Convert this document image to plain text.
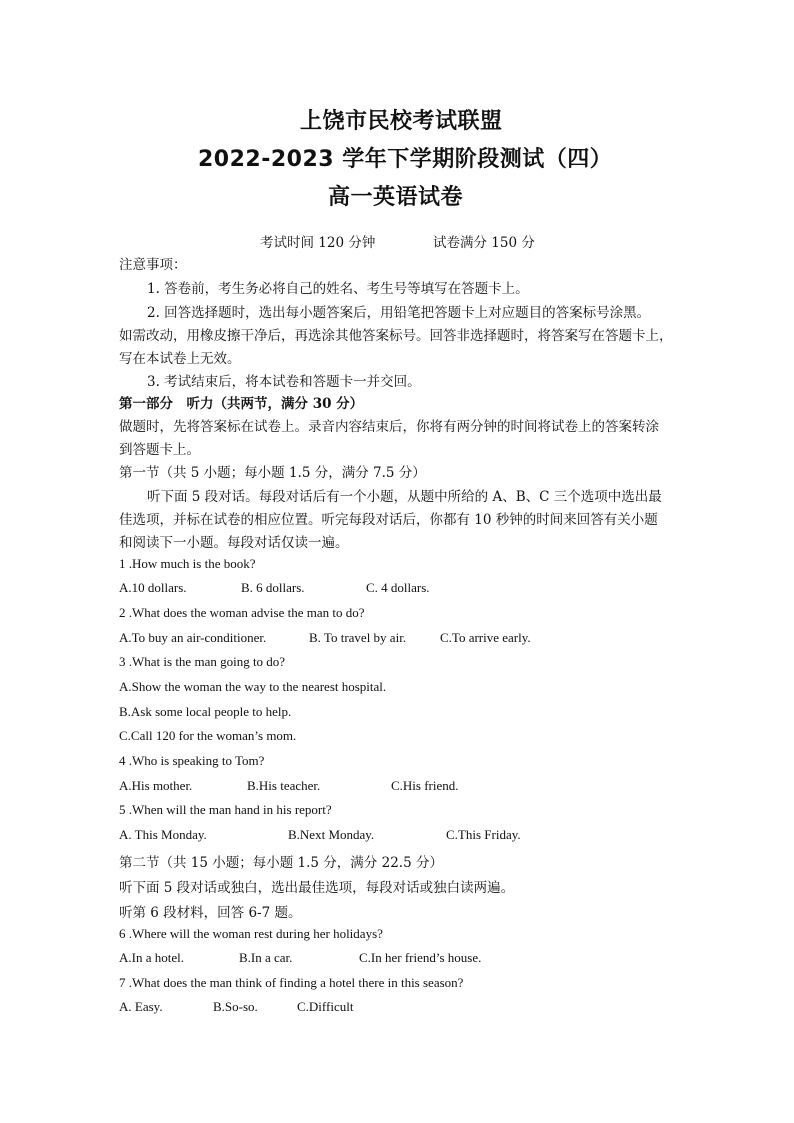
上饶市民校考试联盟
2022-2023 学年下学期阶段测试（四）
高一英语试卷
考试时间 120 分钟	试卷满分 150 分
注意事项：
1. 答卷前，考生务必将自己的姓名、考生号等填写在答题卡上。
2. 回答选择题时，选出每小题答案后，用铅笔把答题卡上对应题目的答案标号涂黑。
如需改动，用橡皮擦干净后，再选涂其他答案标号。回答非选择题时，将答案写在答题卡上，
写在本试卷上无效。
3. 考试结束后，将本试卷和答题卡一并交回。
第一部分　听力（共两节，满分 30 分）
做题时，先将答案标在试卷上。录音内容结束后，你将有两分钟的时间将试卷上的答案转涂
到答题卡上。
第一节（共 5 小题；每小题 1.5 分，满分 7.5 分）
听下面 5 段对话。每段对话后有一个小题，从题中所给的 A、B、C 三个选项中选出最
佳选项，并标在试卷的相应位置。听完每段对话后，你都有 10 秒钟的时间来回答有关小题
和阅读下一小题。每段对话仅读一遍。
1 .How much is the book?
A.10 dollars.	B. 6 dollars.	C. 4 dollars.
2 .What does the woman advise the man to do?
A.To buy an air-conditioner.	B. To travel by air.	C.To arrive early.
3 .What is the man going to do?
A.Show the woman the way to the nearest hospital.
B.Ask some local people to help.
C.Call 120 for the woman’s mom.
4 .Who is speaking to Tom?
A.His mother.	B.His teacher.	C.His friend.
5 .When will the man hand in his report?
A. This Monday.	B.Next Monday.	C.This Friday.
第二节（共 15 小题；每小题 1.5 分，满分 22.5 分）
听下面 5 段对话或独白，选出最佳选项，每段对话或独白读两遍。
听第 6 段材料，回答 6-7 题。
6 .Where will the woman rest during her holidays?
A.In a hotel.	B.In a car.	C.In her friend’s house.
7 .What does the man think of finding a hotel there in this season?
A. Easy.	B.So-so.	C.Difficult
